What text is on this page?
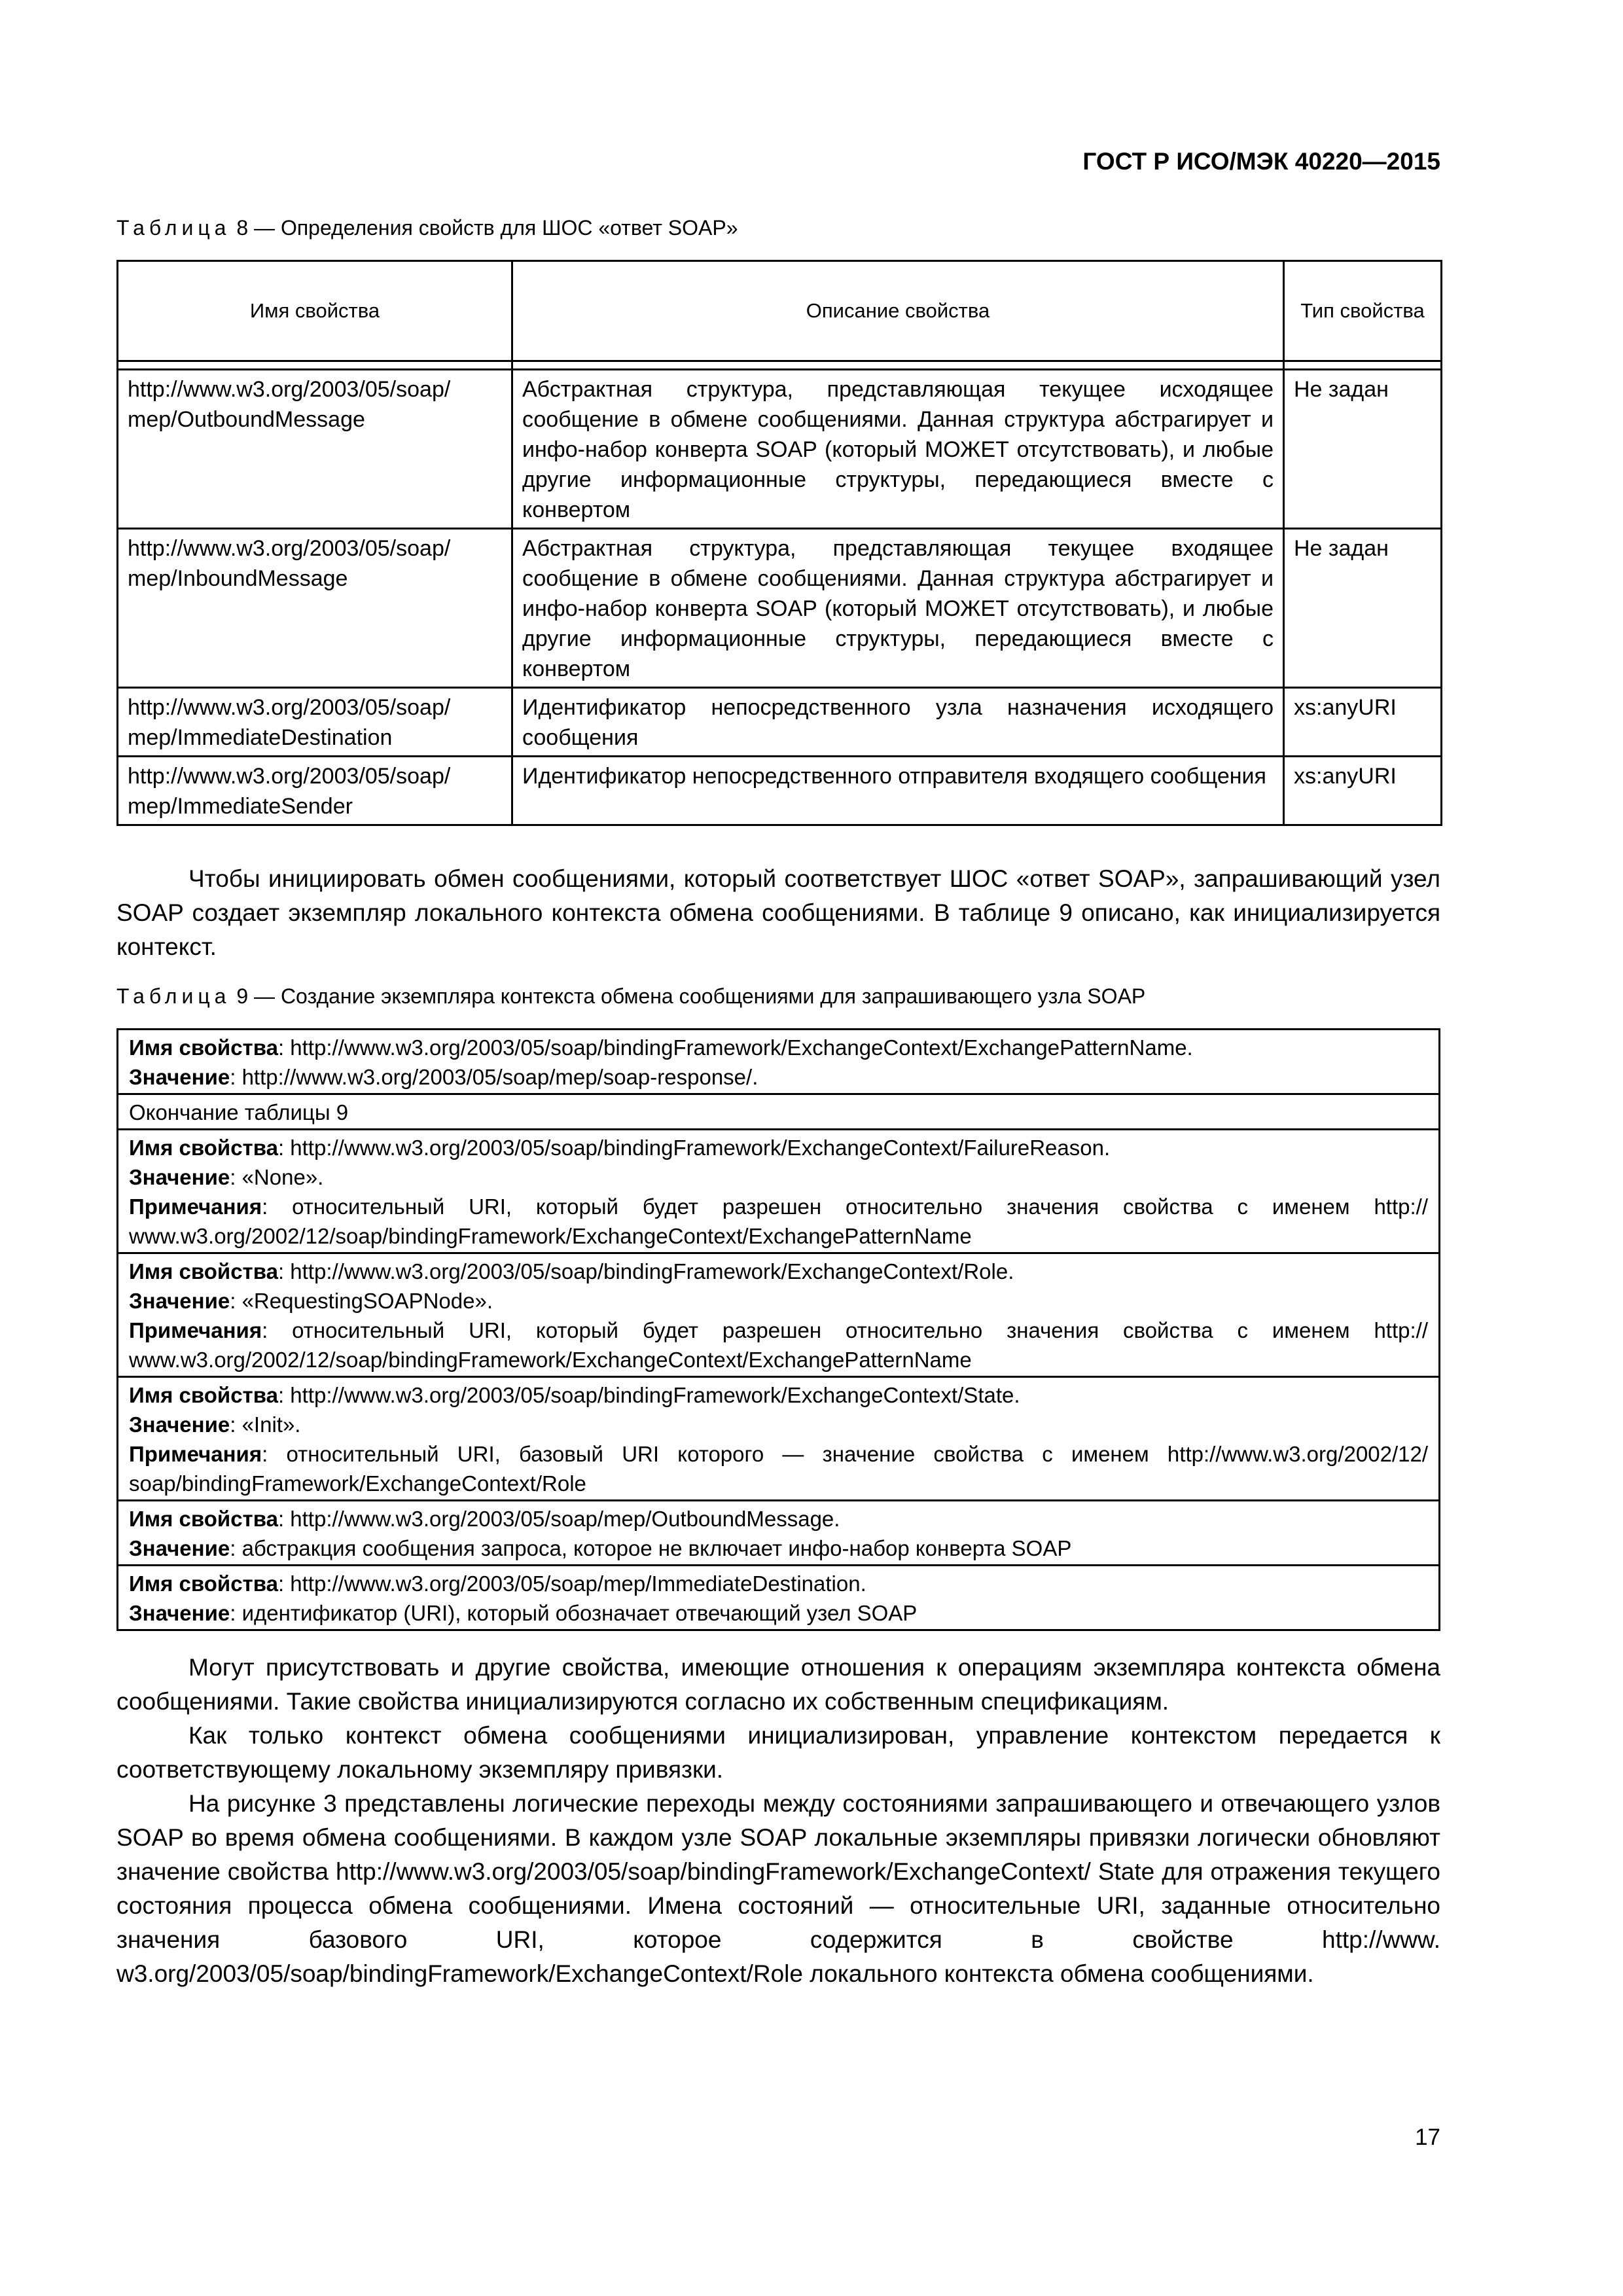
ГОСТ Р ИСО/МЭК 40220—2015
Таблица 8 — Определения свойств для ШОС «ответ SOAP»
Имя свойства	Описание свойства	Тип свойства

http://www.w3.org/2003/05/soap/ mep/OutboundMessage	Абстрактная структура, представляющая текущее исходящее сообщение в обмене сообщениями. Данная структура абстрагирует и инфо-набор конверта SOAP (который МОЖЕТ отсутствовать), и любые другие информационные структуры, передающиеся вместе с конвертом	Не задан
http://www.w3.org/2003/05/soap/ mep/InboundMessage	Абстрактная структура, представляющая текущее входящее сообщение в обмене сообщениями. Данная структура абстрагирует и инфо-набор конверта SOAP (который МОЖЕТ отсутствовать), и любые другие информационные структуры, передающиеся вместе с конвертом	Не задан
http://www.w3.org/2003/05/soap/ mep/ImmediateDestination	Идентификатор непосредственного узла назначения исходящего сообщения	xs:anyURI
http://www.w3.org/2003/05/soap/ mep/ImmediateSender	Идентификатор непосредственного отправителя входящего сообщения	xs:anyURI

Чтобы инициировать обмен сообщениями, который соответствует ШОС «ответ SOAP», запрашивающий узел SOAP создает экземпляр локального контекста обмена сообщениями. В таблице 9 описано, как инициализируется контекст.

Таблица 9 — Создание экземпляра контекста обмена сообщениями для запрашивающего узла SOAP
Имя свойства: http://www.w3.org/2003/05/soap/bindingFramework/ExchangeContext/ExchangePatternName.
Значение: http://www.w3.org/2003/05/soap/mep/soap-response/.
Окончание таблицы 9
Имя свойства: http://www.w3.org/2003/05/soap/bindingFramework/ExchangeContext/FailureReason.
Значение: «None».
Примечания: относительный URI, который будет разрешен относительно значения свойства с именем http:// www.w3.org/2002/12/soap/bindingFramework/ExchangeContext/ExchangePatternName
Имя свойства: http://www.w3.org/2003/05/soap/bindingFramework/ExchangeContext/Role.
Значение: «RequestingSOAPNode».
Примечания: относительный URI, который будет разрешен относительно значения свойства с именем http:// www.w3.org/2002/12/soap/bindingFramework/ExchangeContext/ExchangePatternName
Имя свойства: http://www.w3.org/2003/05/soap/bindingFramework/ExchangeContext/State.
Значение: «Init».
Примечания: относительный URI, базовый URI которого — значение свойства с именем http://www.w3.org/2002/12/ soap/bindingFramework/ExchangeContext/Role
Имя свойства: http://www.w3.org/2003/05/soap/mep/OutboundMessage.
Значение: абстракция сообщения запроса, которое не включает инфо-набор конверта SOAP
Имя свойства: http://www.w3.org/2003/05/soap/mep/ImmediateDestination.
Значение: идентификатор (URI), который обозначает отвечающий узел SOAP

Могут присутствовать и другие свойства, имеющие отношения к операциям экземпляра контекста обмена сообщениями. Такие свойства инициализируются согласно их собственным спецификациям.

Как только контекст обмена сообщениями инициализирован, управление контекстом передается к соответствующему локальному экземпляру привязки.

На рисунке 3 представлены логические переходы между состояниями запрашивающего и отвечающего узлов SOAP во время обмена сообщениями. В каждом узле SOAP локальные экземпляры привязки логически обновляют значение свойства http://www.w3.org/2003/05/soap/bindingFramework/ExchangeContext/ State для отражения текущего состояния процесса обмена сообщениями. Имена состояний — относительные URI, заданные относительно значения базового URI, которое содержится в свойстве http://www. w3.org/2003/05/soap/bindingFramework/ExchangeContext/Role локального контекста обмена сообщениями.

17
